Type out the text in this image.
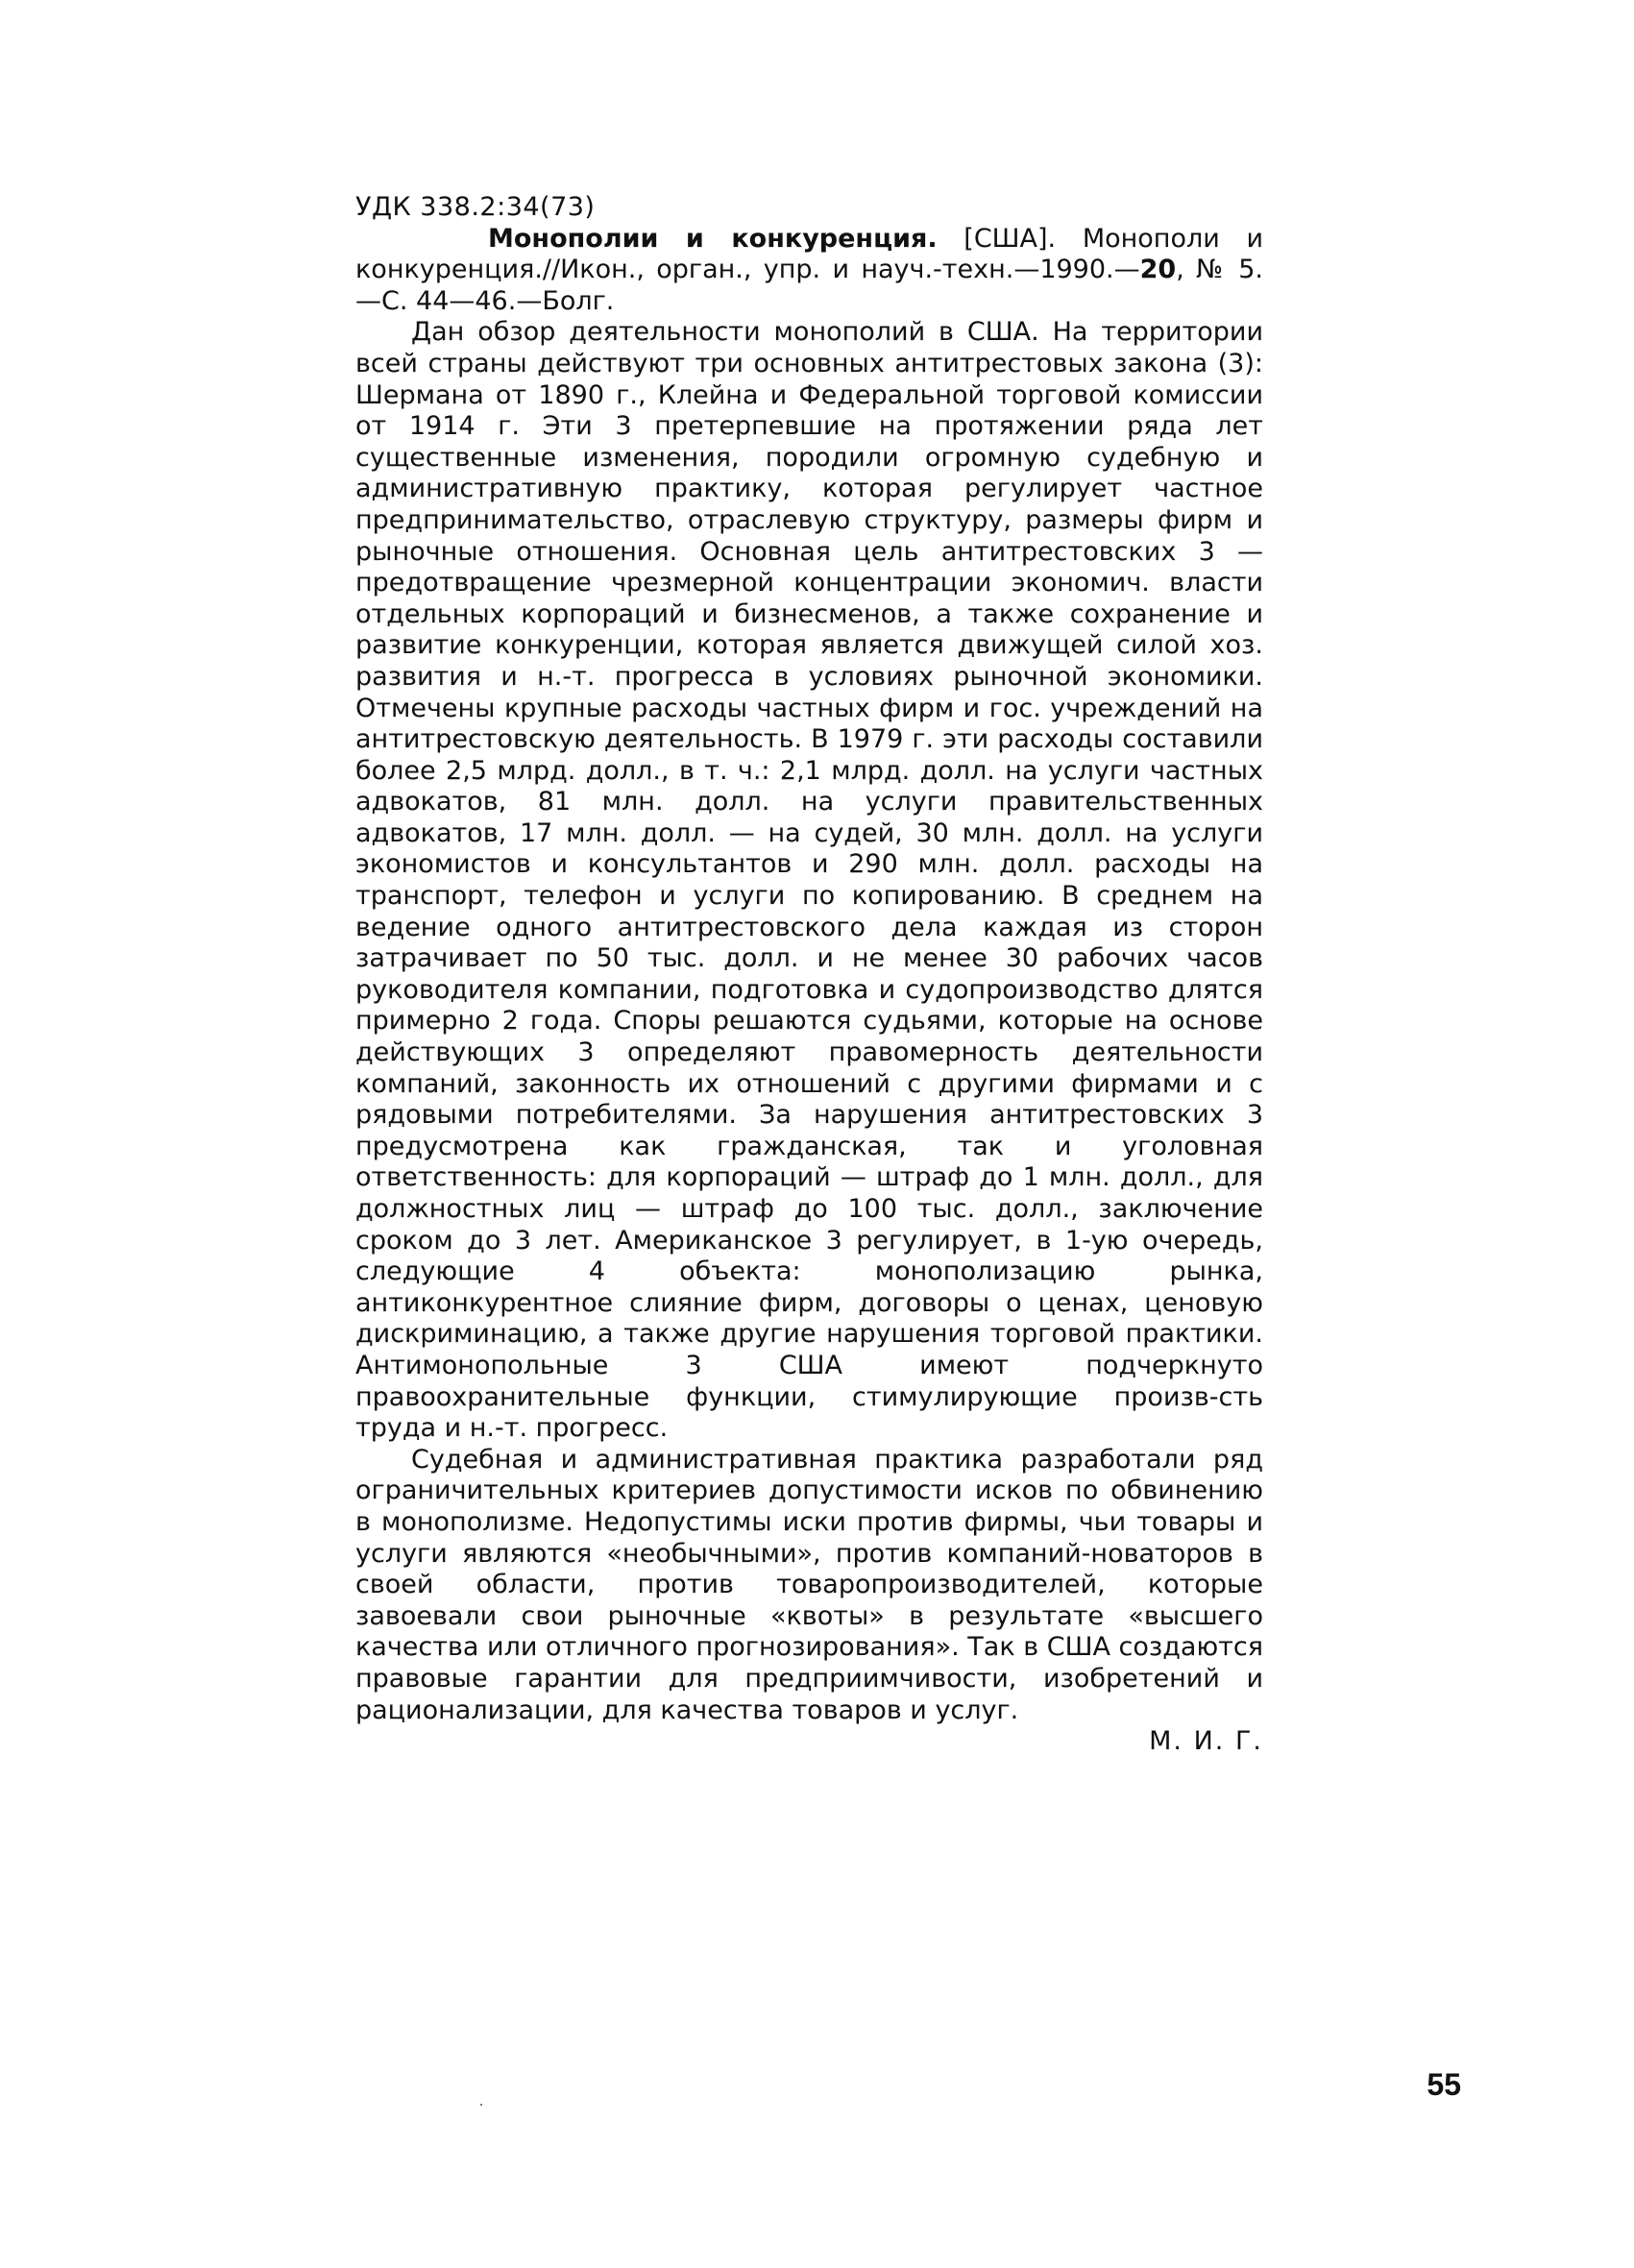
УДК 338.2:34(73)

Монополии и конкуренция. [США]. Монополи и конкуренция.//Икон., орган., упр. и науч.-техн.—1990.—20, № 5.—С. 44—46.—Болг.

Дан обзор деятельности монополий в США. На территории всей страны действуют три основных антитрестовых закона (3): Шермана от 1890 г., Клейна и Федеральной торговой комиссии от 1914 г. Эти 3 претерпевшие на протяжении ряда лет существенные изменения, породили огромную судебную и административную практику, которая регулирует частное предпринимательство, отраслевую структуру, размеры фирм и рыночные отношения. Основная цель антитрестовских 3 — предотвращение чрезмерной концентрации экономич. власти отдельных корпораций и бизнесменов, а также сохранение и развитие конкуренции, которая является движущей силой хоз. развития и н.-т. прогресса в условиях рыночной экономики. Отмечены крупные расходы частных фирм и гос. учреждений на антитрестовскую деятельность. В 1979 г. эти расходы составили более 2,5 млрд. долл., в т. ч.: 2,1 млрд. долл. на услуги частных адвокатов, 81 млн. долл. на услуги правительственных адвокатов, 17 млн. долл. — на судей, 30 млн. долл. на услуги экономистов и консультантов и 290 млн. долл. расходы на транспорт, телефон и услуги по копированию. В среднем на ведение одного антитрестовского дела каждая из сторон затрачивает по 50 тыс. долл. и не менее 30 рабочих часов руководителя компании, подготовка и судопроизводство длятся примерно 2 года. Споры решаются судьями, которые на основе действующих 3 определяют правомерность деятельности компаний, законность их отношений с другими фирмами и с рядовыми потребителями. За нарушения антитрестовских 3 предусмотрена как гражданская, так и уголовная ответственность: для корпораций — штраф до 1 млн. долл., для должностных лиц — штраф до 100 тыс. долл., заключение сроком до 3 лет. Американское 3 регулирует, в 1-ую очередь, следующие 4 объекта: монополизацию рынка, антиконкурентное слияние фирм, договоры о ценах, ценовую дискриминацию, а также другие нарушения торговой практики. Антимонопольные 3 США имеют подчеркнуто правоохранительные функции, стимулирующие произв-сть труда и н.-т. прогресс.

Судебная и административная практика разработали ряд ограничительных критериев допустимости исков по обвинению в монополизме. Недопустимы иски против фирмы, чьи товары и услуги являются «необычными», против компаний-новаторов в своей области, против товаропроизводителей, которые завоевали свои рыночные «квоты» в результате «высшего качества или отличного прогнозирования». Так в США создаются правовые гарантии для предприимчивости, изобретений и рационализации, для качества товаров и услуг.

М. И. Г.

55
